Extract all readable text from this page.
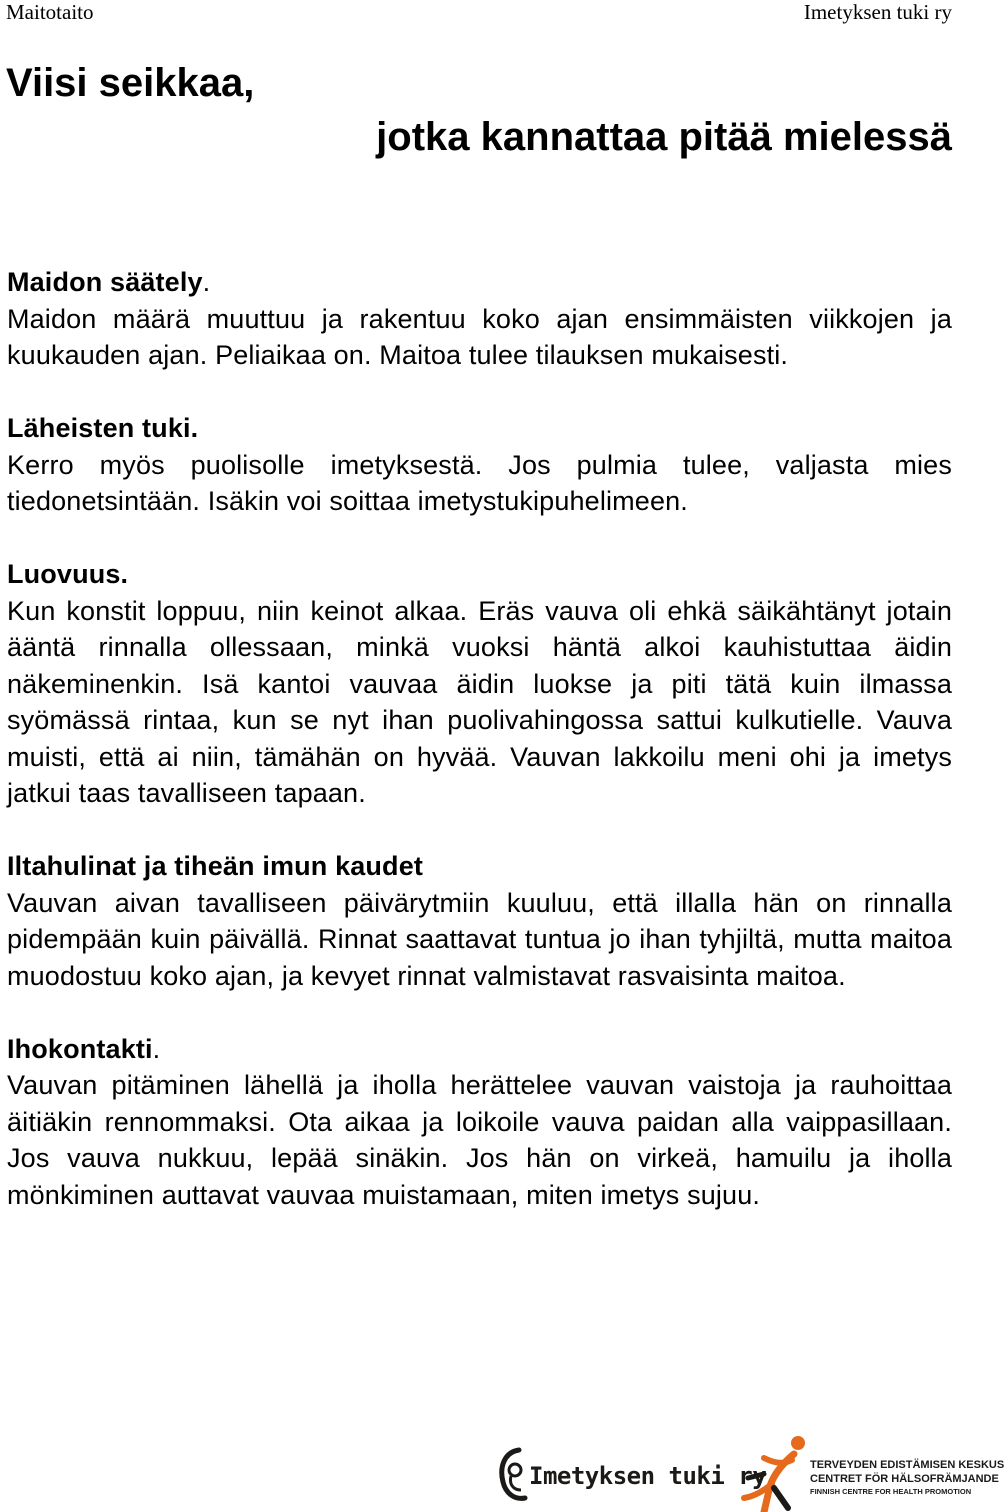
Maitotaito	Imetyksen tuki ry
Viisi seikkaa,
jotka kannattaa pitää mielessä
Maidon säätely.

Maidon määrä muuttuu ja rakentuu koko ajan ensimmäisten viikkojen ja kuukauden ajan. Peliaikaa on. Maitoa tulee tilauksen mukaisesti.

Läheisten tuki.

Kerro myös puolisolle imetyksestä. Jos pulmia tulee, valjasta mies tiedonetsintään. Isäkin voi soittaa imetystukipuhelimeen.

Luovuus.

Kun konstit loppuu, niin keinot alkaa. Eräs vauva oli ehkä säikähtänyt jotain ääntä rinnalla ollessaan, minkä vuoksi häntä alkoi kauhistuttaa äidin näkeminenkin. Isä kantoi vauvaa äidin luokse ja piti tätä kuin ilmassa syömässä rintaa, kun se nyt ihan puolivahingossa sattui kulkutielle. Vauva muisti, että ai niin, tämähän on hyvää. Vauvan lakkoilu meni ohi ja imetys jatkui taas tavalliseen tapaan.

Iltahulinat ja tiheän imun kaudet

Vauvan aivan tavalliseen päivärytmiin kuuluu, että illalla hän on rinnalla pidempään kuin päivällä. Rinnat saattavat tuntua jo ihan tyhjiltä, mutta maitoa muodostuu koko ajan, ja kevyet rinnat valmistavat rasvaisinta maitoa.

Ihokontakti.

Vauvan pitäminen lähellä ja iholla herättelee vauvan vaistoja ja rauhoittaa äitiäkin rennommaksi. Ota aikaa ja loikoile vauva paidan alla vaippasillaan. Jos vauva nukkuu, lepää sinäkin. Jos hän on virkeä, hamuilu ja iholla mönkiminen auttavat vauvaa muistamaan, miten imetys sujuu.

Imetyksen tuki ry	TERVEYDEN EDISTÄMISEN KESKUS
CENTRET FÖR HÄLSOFRÄMJANDE
FINNISH CENTRE FOR HEALTH PROMOTION
